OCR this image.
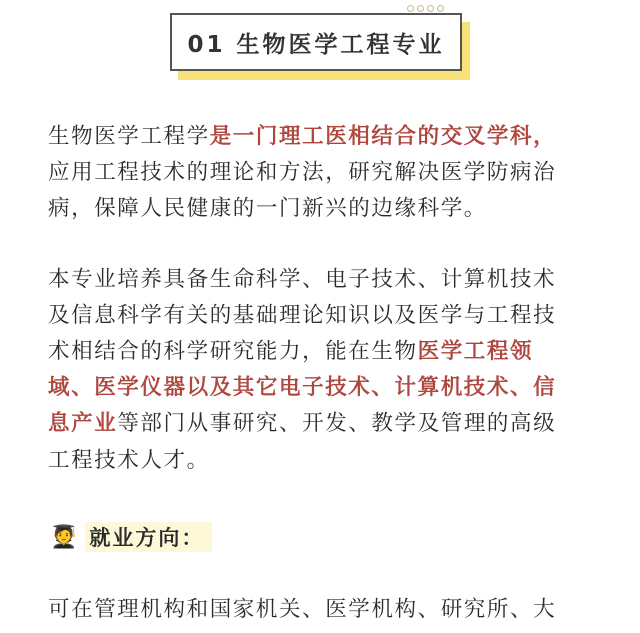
01 生物医学工程专业
生物医学工程学是一门理工医相结合的交叉学科，
应用工程技术的理论和方法，研究解决医学防病治
病，保障人民健康的一门新兴的边缘科学。
本专业培养具备生命科学、电子技术、计算机技术
及信息科学有关的基础理论知识以及医学与工程技
术相结合的科学研究能力，能在生物医学工程领
域、医学仪器以及其它电子技术、计算机技术、信
息产业等部门从事研究、开发、教学及管理的高级
工程技术人才。
可在管理机构和国家机关、医学机构、研究所、大
🧑‍🎓 就业方向：
